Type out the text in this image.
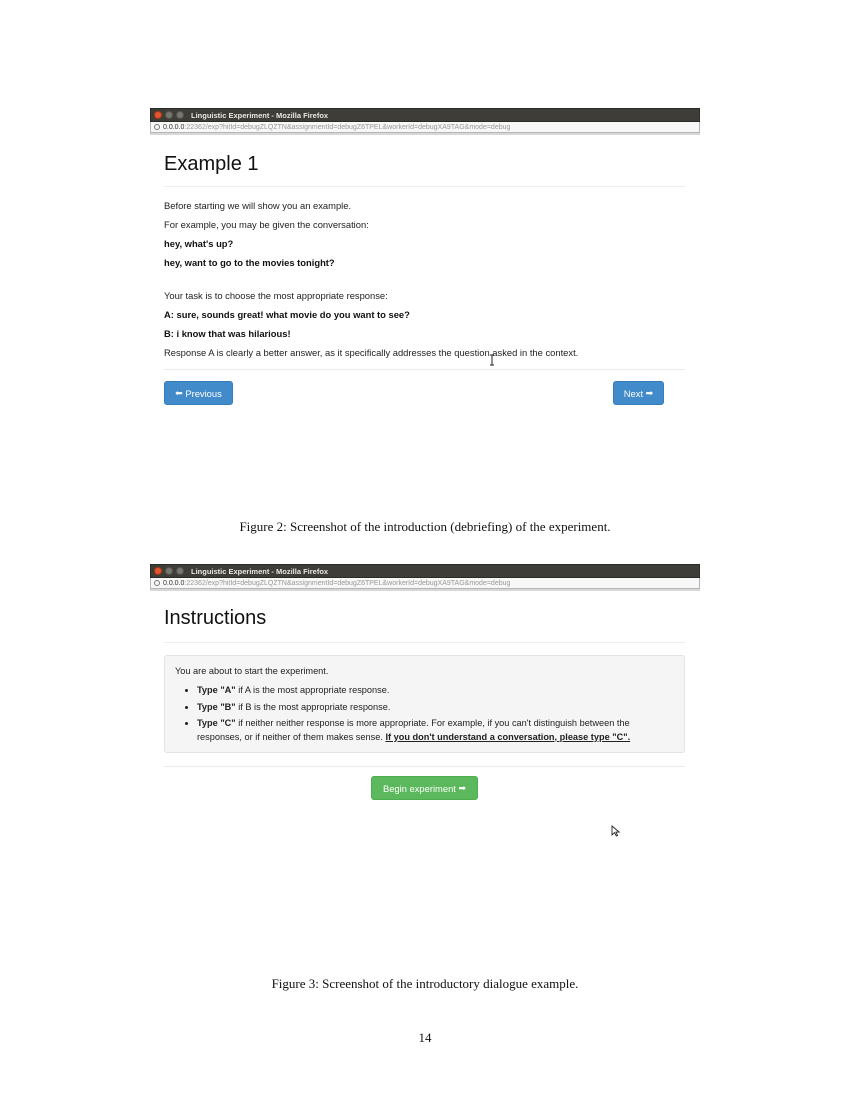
Linguistic Experiment - Mozilla Firefox
0.0.0.0 :22362/exp?hitId=debugZLQZTN&assignmentId=debugZ6TPEL&workerId=debugXA9TAG&mode=debug
Example 1
Before starting we will show you an example.
For example, you may be given the conversation:
hey, what's up?
hey, want to go to the movies tonight?
Your task is to choose the most appropriate response:
A: sure, sounds great! what movie do you want to see?
B: i know that was hilarious!
Response A is clearly a better answer, as it specifically addresses the question asked in the context.
⬅
Previous	Next
➡
Figure 2: Screenshot of the introduction (debriefing) of the experiment.
Linguistic Experiment - Mozilla Firefox
0.0.0.0 :22362/exp?hitId=debugZLQZTN&assignmentId=debugZ6TPEL&workerId=debugXA9TAG&mode=debug
Instructions
You are about to start the experiment.
• Type "A" if A is the most appropriate response.
• Type "B" if B is the most appropriate response.
• Type "C" if neither neither response is more appropriate. For example, if you can't distinguish between the responses, or if neither of them makes sense. If you don't understand a conversation, please type "C".
Begin experiment
➡
Figure 3: Screenshot of the introductory dialogue example.
14
